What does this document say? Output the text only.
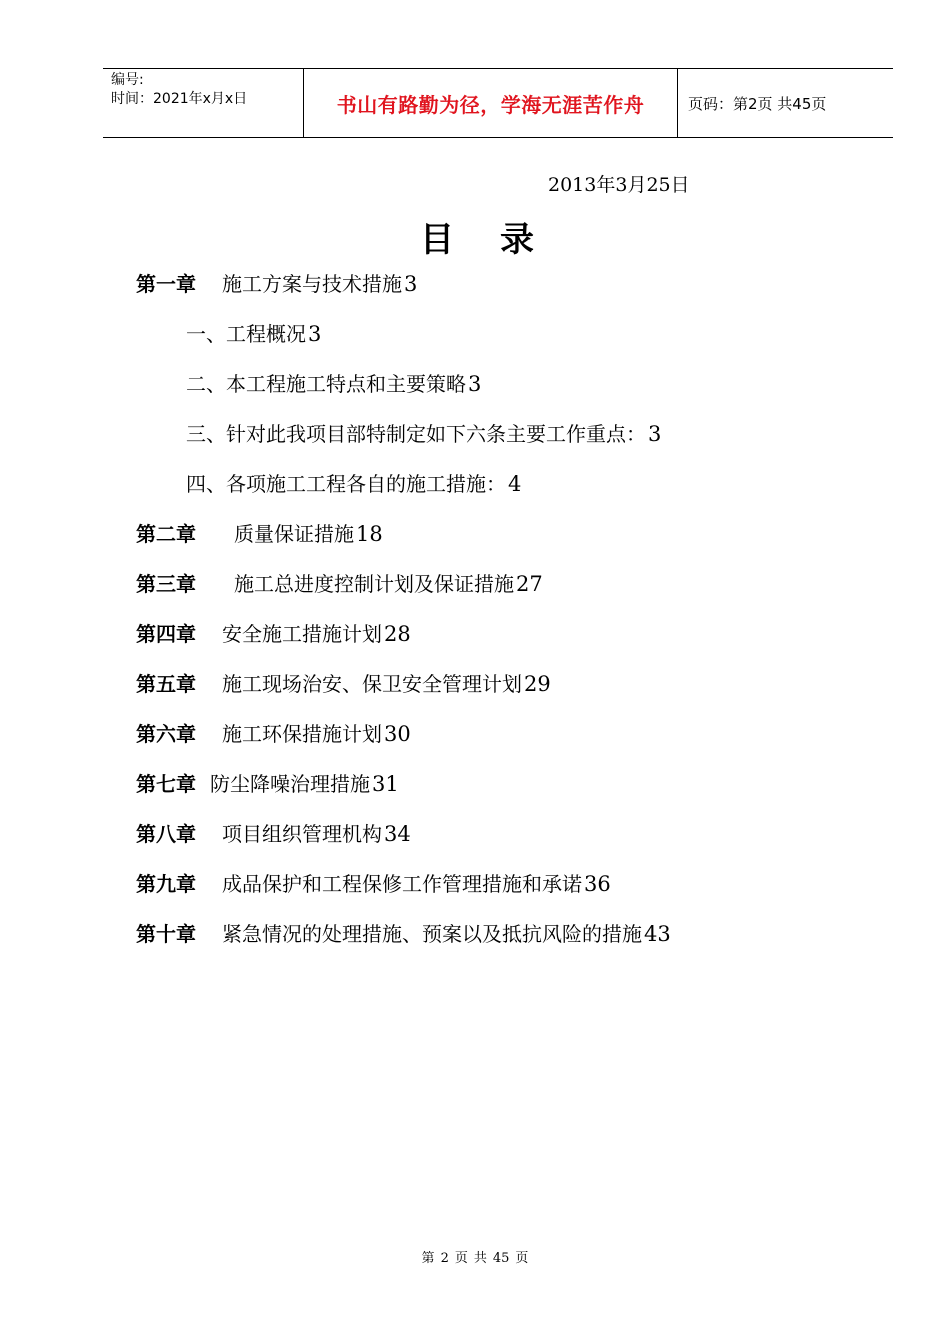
编号:
时间：2021年x月x日	书山有路勤为径，学海无涯苦作舟	页码：第2页 共45页
2013年3月25日
目录
第一章 施工方案与技术措施 3
一、工程概况 3
二、本工程施工特点和主要策略 3
三、针对此我项目部特制定如下六条主要工作重点： 3
四、各项施工工程各自的施工措施： 4
第二章 质量保证措施 18
第三章 施工总进度控制计划及保证措施 27
第四章 安全施工措施计划 28
第五章 施工现场治安、保卫安全管理计划 29
第六章 施工环保措施计划 30
第七章 防尘降噪治理措施 31
第八章 项目组织管理机构 34
第九章 成品保护和工程保修工作管理措施和承诺 36
第十章 紧急情况的处理措施、预案以及抵抗风险的措施 43
第 2 页 共 45 页
